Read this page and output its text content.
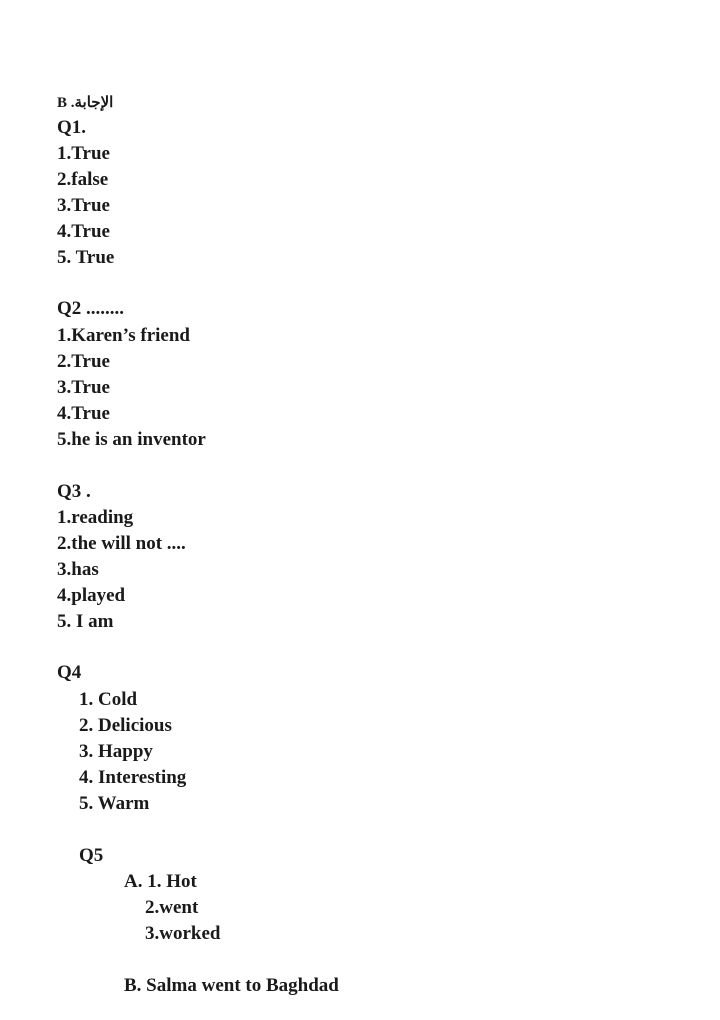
الإجابة. B
Q1.
1.True
2.false
3.True
4.True
5. True
Q2 ........
1.Karen’s friend
2.True
3.True
4.True
5.he is an inventor
Q3 .
1.reading
2.the will not ....
3.has
4.played
5. I am
Q4
1. Cold
2. Delicious
3. Happy
4. Interesting
5. Warm
Q5
A. 1. Hot
2.went
3.worked
B. Salma went to Baghdad
